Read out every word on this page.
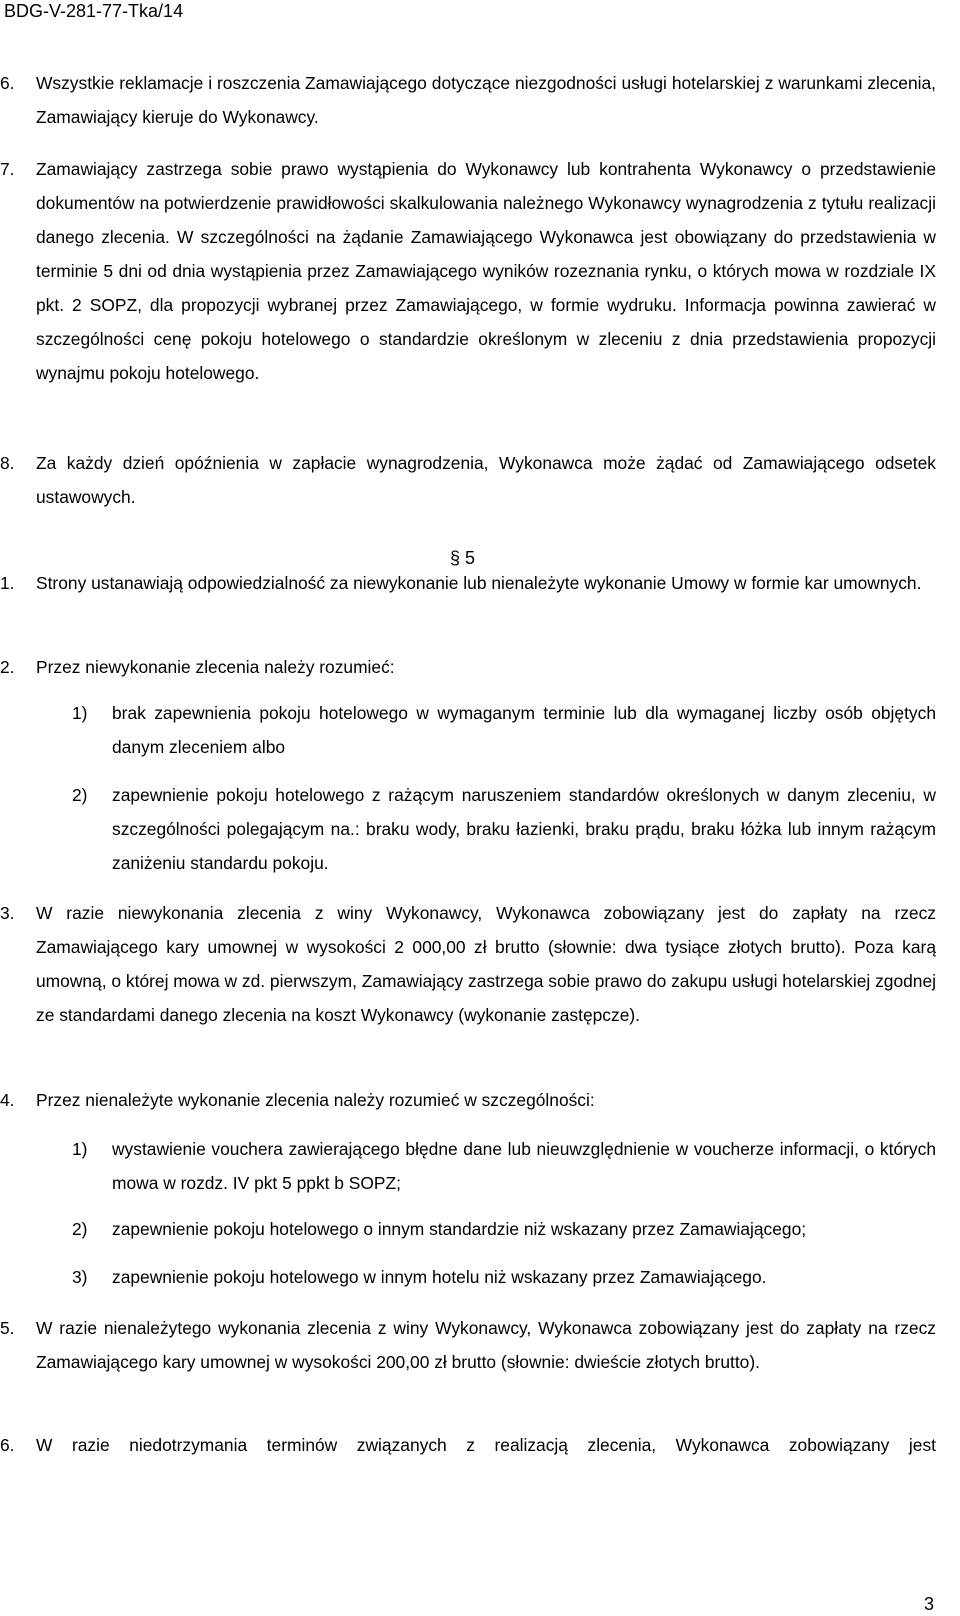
BDG-V-281-77-Tka/14
6. Wszystkie reklamacje i roszczenia Zamawiającego dotyczące niezgodności usługi hotelarskiej z warunkami zlecenia, Zamawiający kieruje do Wykonawcy.
7. Zamawiający zastrzega sobie prawo wystąpienia do Wykonawcy lub kontrahenta Wykonawcy o przedstawienie dokumentów na potwierdzenie prawidłowości skalkulowania należnego Wykonawcy wynagrodzenia z tytułu realizacji danego zlecenia. W szczególności na żądanie Zamawiającego Wykonawca jest obowiązany do przedstawienia w terminie 5 dni od dnia wystąpienia przez Zamawiającego wyników rozeznania rynku, o których mowa w rozdziale IX pkt. 2 SOPZ, dla propozycji wybranej przez Zamawiającego, w formie wydruku. Informacja powinna zawierać w szczególności cenę pokoju hotelowego o standardzie określonym w zleceniu z dnia przedstawienia propozycji wynajmu pokoju hotelowego.
8. Za każdy dzień opóźnienia w zapłacie wynagrodzenia, Wykonawca może żądać od Zamawiającego odsetek ustawowych.
§ 5
1. Strony ustanawiają odpowiedzialność za niewykonanie lub nienależyte wykonanie Umowy w formie kar umownych.
2. Przez niewykonanie zlecenia należy rozumieć:
1) brak zapewnienia pokoju hotelowego w wymaganym terminie lub dla wymaganej liczby osób objętych danym zleceniem albo
2) zapewnienie pokoju hotelowego z rażącym naruszeniem standardów określonych w danym zleceniu, w szczególności polegającym na.: braku wody, braku łazienki, braku prądu, braku łóżka lub innym rażącym zaniżeniu standardu pokoju.
3. W razie niewykonania zlecenia z winy Wykonawcy, Wykonawca zobowiązany jest do zapłaty na rzecz Zamawiającego kary umownej w wysokości 2 000,00 zł brutto (słownie: dwa tysiące złotych brutto). Poza karą umowną, o której mowa w zd. pierwszym, Zamawiający zastrzega sobie prawo do zakupu usługi hotelarskiej zgodnej ze standardami danego zlecenia na koszt Wykonawcy (wykonanie zastępcze).
4. Przez nienależyte wykonanie zlecenia należy rozumieć w szczególności:
1) wystawienie vouchera zawierającego błędne dane lub nieuwzględnienie w voucherze informacji, o których mowa w rozdz. IV pkt 5 ppkt b SOPZ;
2) zapewnienie pokoju hotelowego o innym standardzie niż wskazany przez Zamawiającego;
3) zapewnienie pokoju hotelowego w innym hotelu niż wskazany przez Zamawiającego.
5. W razie nienależytego wykonania zlecenia z winy Wykonawcy, Wykonawca zobowiązany jest do zapłaty na rzecz Zamawiającego kary umownej w wysokości 200,00 zł brutto (słownie: dwieście złotych brutto).
6. W razie niedotrzymania terminów związanych z realizacją zlecenia, Wykonawca zobowiązany jest
3
